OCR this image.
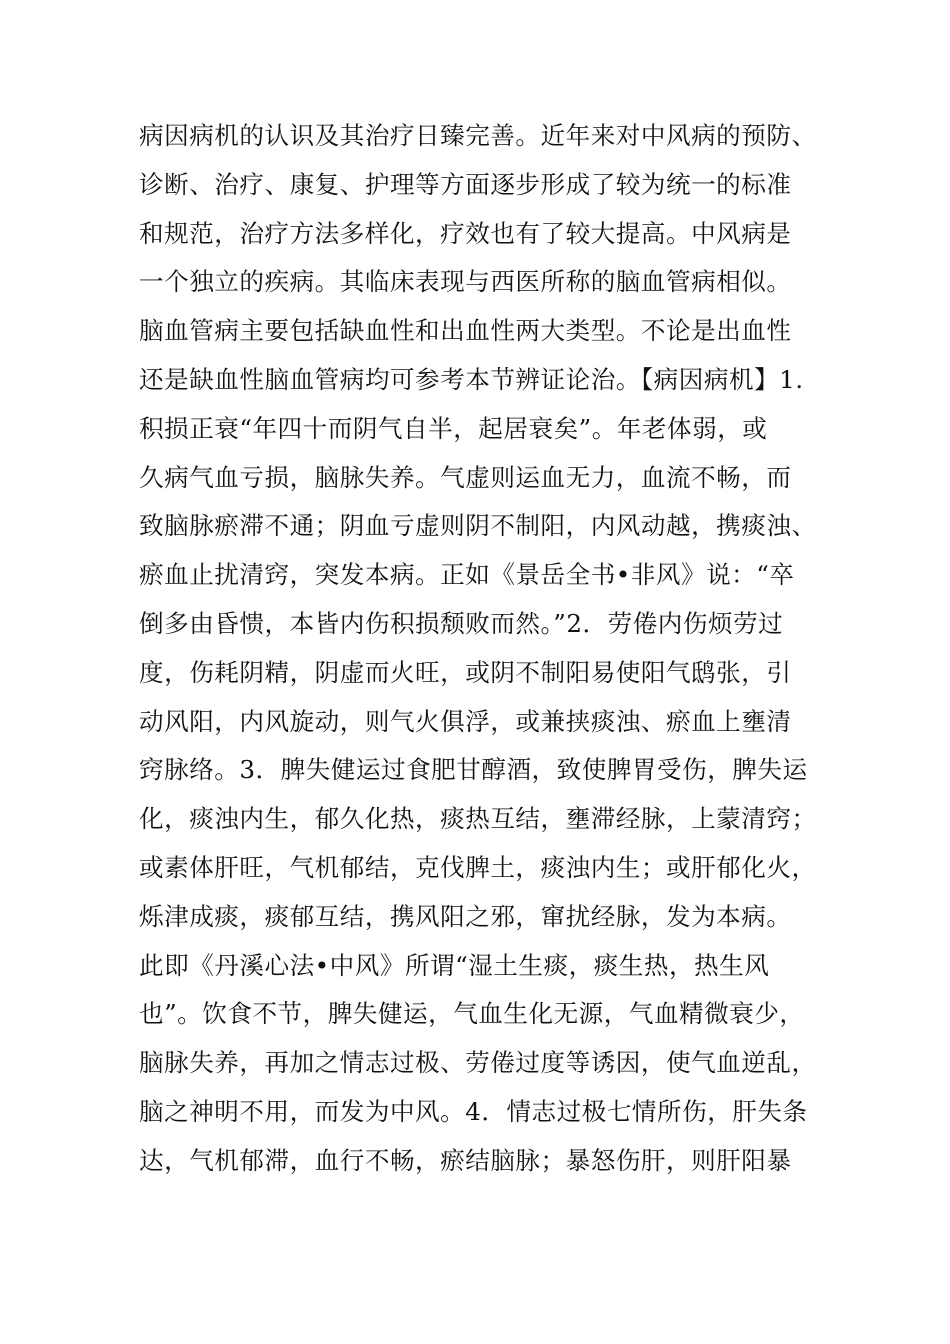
病因病机的认识及其治疗日臻完善。近年来对中风病的预防、
诊断、治疗、康复、护理等方面逐步形成了较为统一的标准
和规范，治疗方法多样化，疗效也有了较大提高。中风病是
一个独立的疾病。其临床表现与西医所称的脑血管病相似。
脑血管病主要包括缺血性和出血性两大类型。不论是出血性
还是缺血性脑血管病均可参考本节辨证论治。【病因病机】1.
积损正衰“年四十而阴气自半，起居衰矣”。年老体弱，或
久病气血亏损，脑脉失养。气虚则运血无力，血流不畅，而
致脑脉瘀滞不通；阴血亏虚则阴不制阳，内风动越，携痰浊、
瘀血止扰清窍，突发本病。正如《景岳全书•非风》说：“卒
倒多由昏愦，本皆内伤积损颓败而然。”2．劳倦内伤烦劳过
度，伤耗阴精，阴虚而火旺，或阴不制阳易使阳气鸱张，引
动风阳，内风旋动，则气火俱浮，或兼挟痰浊、瘀血上壅清
窍脉络。3．脾失健运过食肥甘醇酒，致使脾胃受伤，脾失运
化，痰浊内生，郁久化热，痰热互结，壅滞经脉，上蒙清窍；
或素体肝旺，气机郁结，克伐脾土，痰浊内生；或肝郁化火，
烁津成痰，痰郁互结，携风阳之邪，窜扰经脉，发为本病。
此即《丹溪心法•中风》所谓“湿土生痰，痰生热，热生风
也”。饮食不节，脾失健运，气血生化无源，气血精微衰少，
脑脉失养，再加之情志过极、劳倦过度等诱因，使气血逆乱，
脑之神明不用，而发为中风。4．情志过极七情所伤，肝失条
达，气机郁滞，血行不畅，瘀结脑脉；暴怒伤肝，则肝阳暴
